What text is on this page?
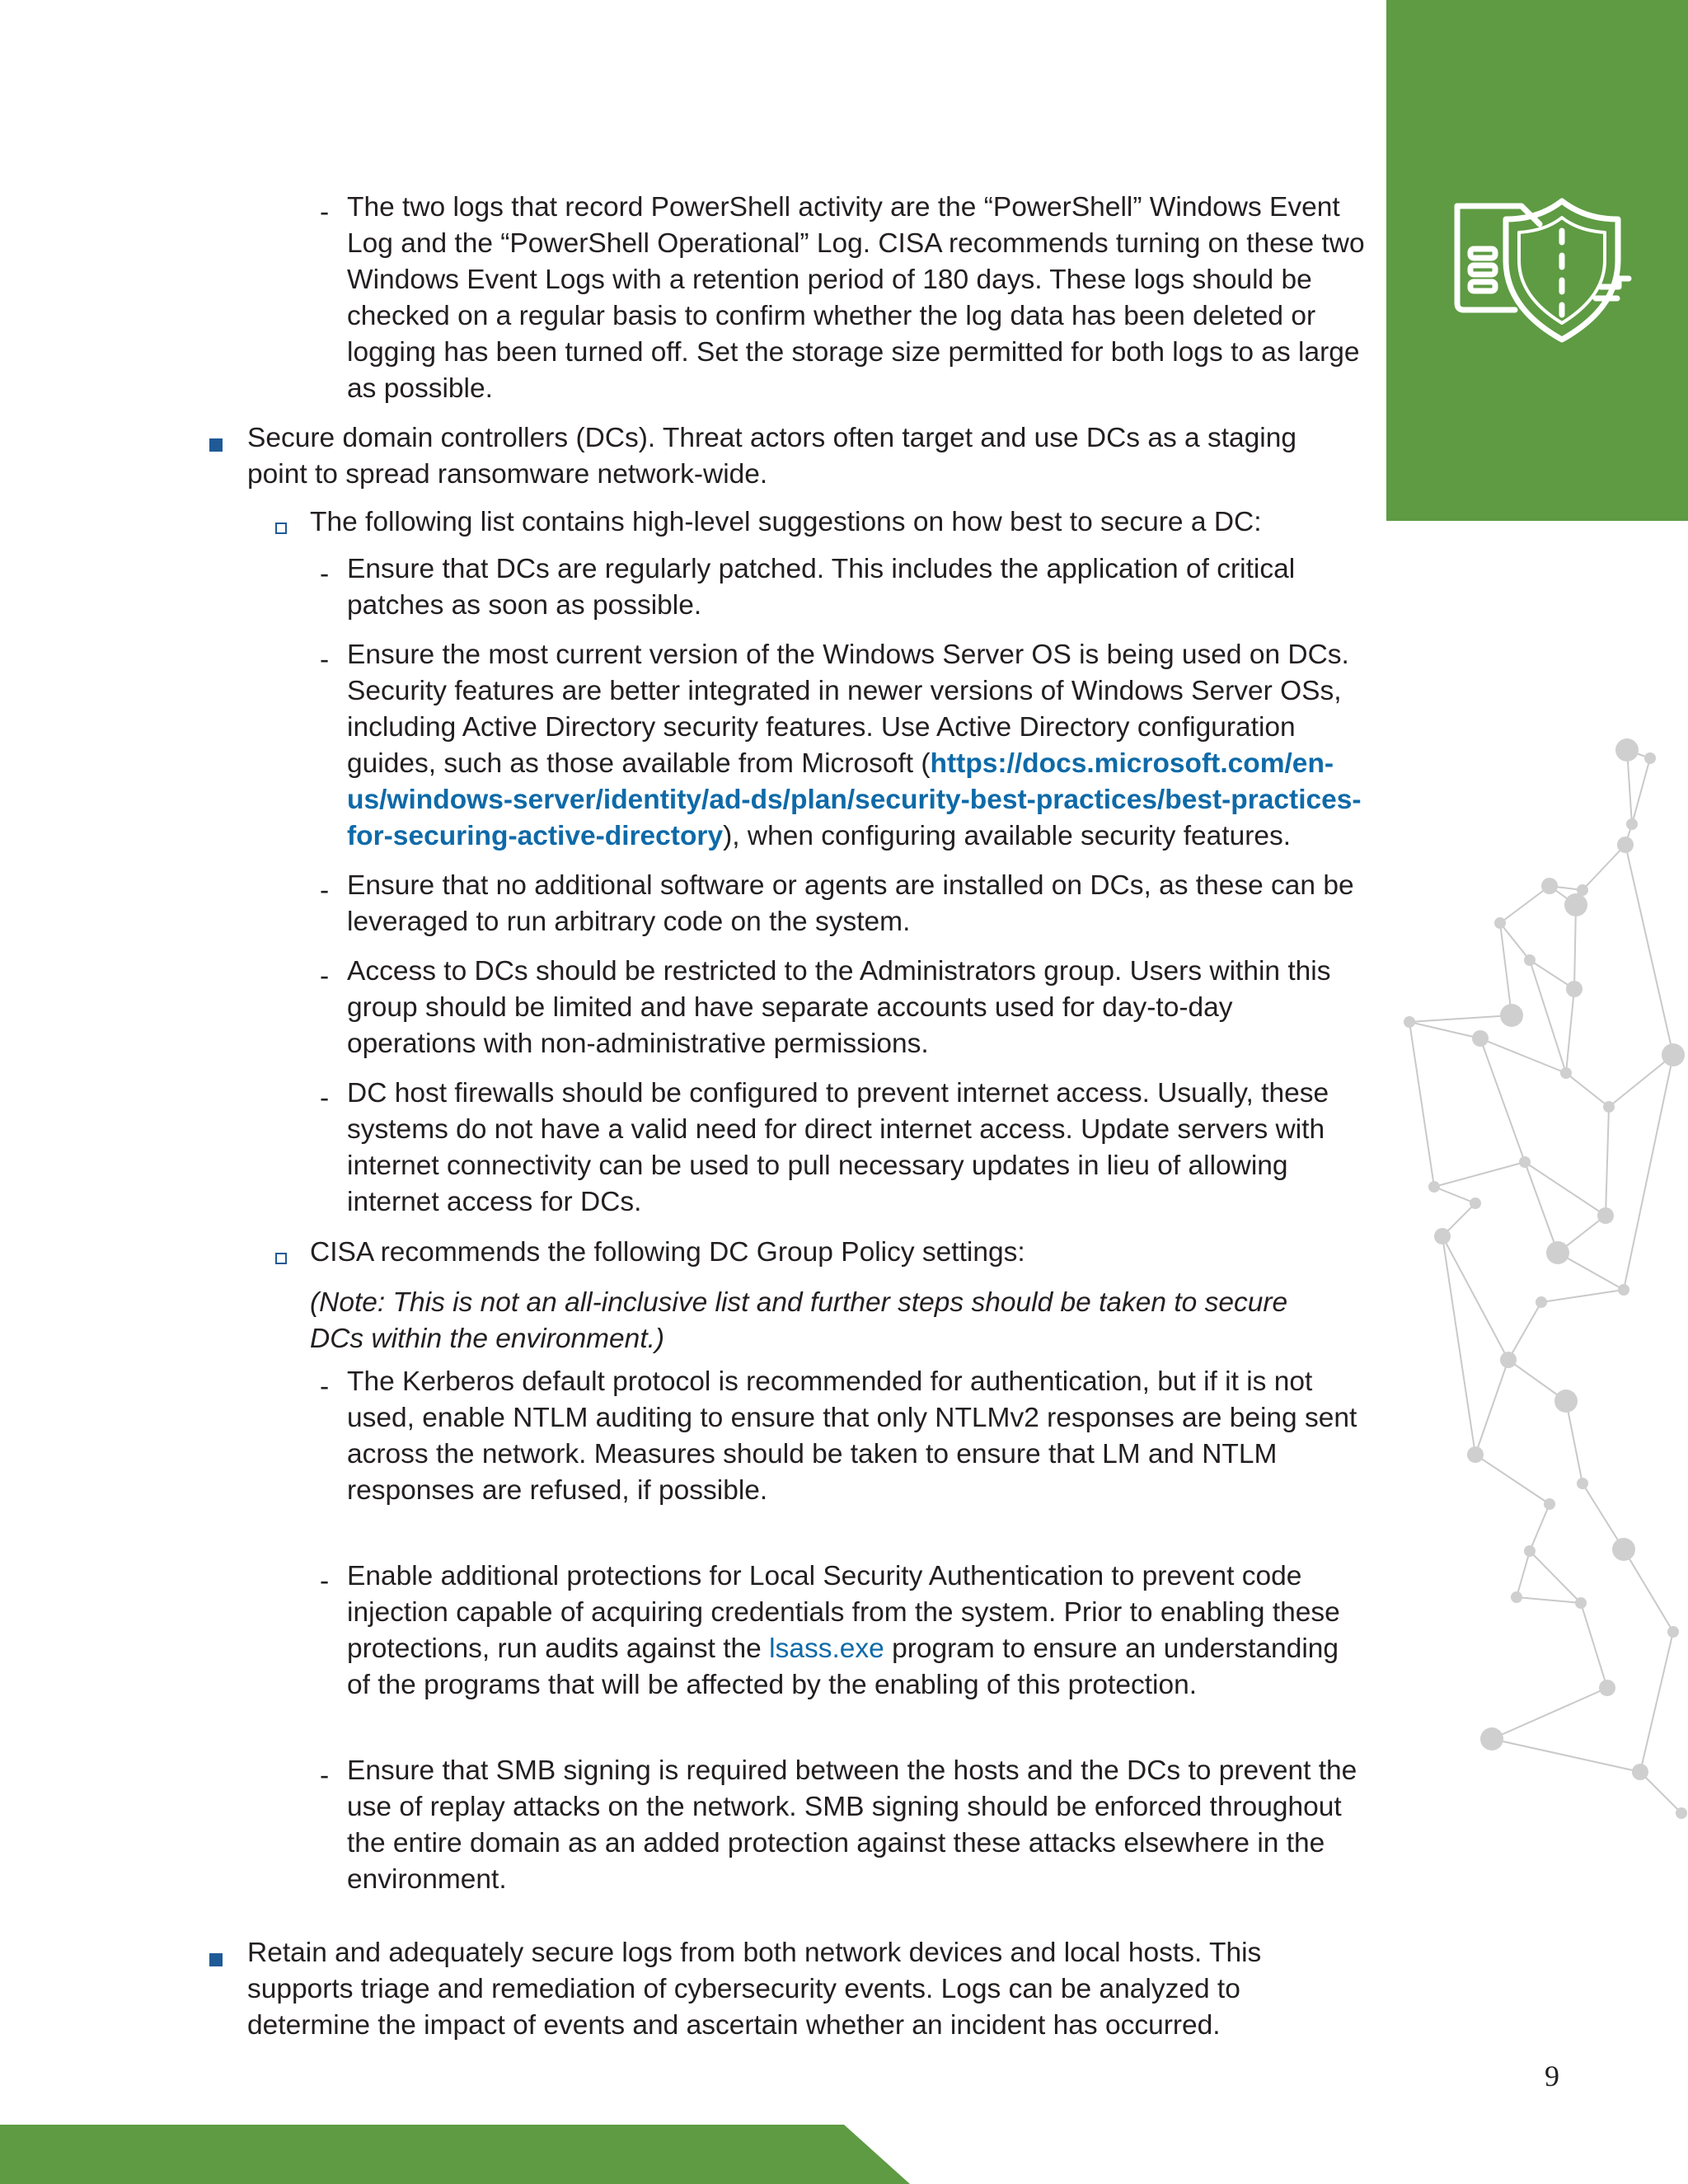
9
- The two logs that record PowerShell activity are the “PowerShell” Windows Event Log and the “PowerShell Operational” Log. CISA recommends turning on these two Windows Event Logs with a retention period of 180 days. These logs should be checked on a regular basis to confirm whether the log data has been deleted or logging has been turned off. Set the storage size permitted for both logs to as large as possible.

Secure domain controllers (DCs). Threat actors often target and use DCs as a staging point to spread ransomware network-wide.

The following list contains high-level suggestions on how best to secure a DC:

- Ensure that DCs are regularly patched. This includes the application of critical patches as soon as possible.

- Ensure the most current version of the Windows Server OS is being used on DCs. Security features are better integrated in newer versions of Windows Server OSs, including Active Directory security features. Use Active Directory configuration guides, such as those available from Microsoft (https://docs.microsoft.com/en-us/windows-server/identity/ad-ds/plan/security-best-practices/best-practices-for-securing-active-directory), when configuring available security features.

- Ensure that no additional software or agents are installed on DCs, as these can be leveraged to run arbitrary code on the system.

- Access to DCs should be restricted to the Administrators group. Users within this group should be limited and have separate accounts used for day-to-day operations with non-administrative permissions.

- DC host firewalls should be configured to prevent internet access. Usually, these systems do not have a valid need for direct internet access. Update servers with internet connectivity can be used to pull necessary updates in lieu of allowing internet access for DCs.

CISA recommends the following DC Group Policy settings:

(Note: This is not an all-inclusive list and further steps should be taken to secure DCs within the environment.)

- The Kerberos default protocol is recommended for authentication, but if it is not used, enable NTLM auditing to ensure that only NTLMv2 responses are being sent across the network. Measures should be taken to ensure that LM and NTLM responses are refused, if possible.

- Enable additional protections for Local Security Authentication to prevent code injection capable of acquiring credentials from the system. Prior to enabling these protections, run audits against the lsass.exe program to ensure an understanding of the programs that will be affected by the enabling of this protection.

- Ensure that SMB signing is required between the hosts and the DCs to prevent the use of replay attacks on the network. SMB signing should be enforced throughout the entire domain as an added protection against these attacks elsewhere in the environment.

Retain and adequately secure logs from both network devices and local hosts. This supports triage and remediation of cybersecurity events. Logs can be analyzed to determine the impact of events and ascertain whether an incident has occurred.
